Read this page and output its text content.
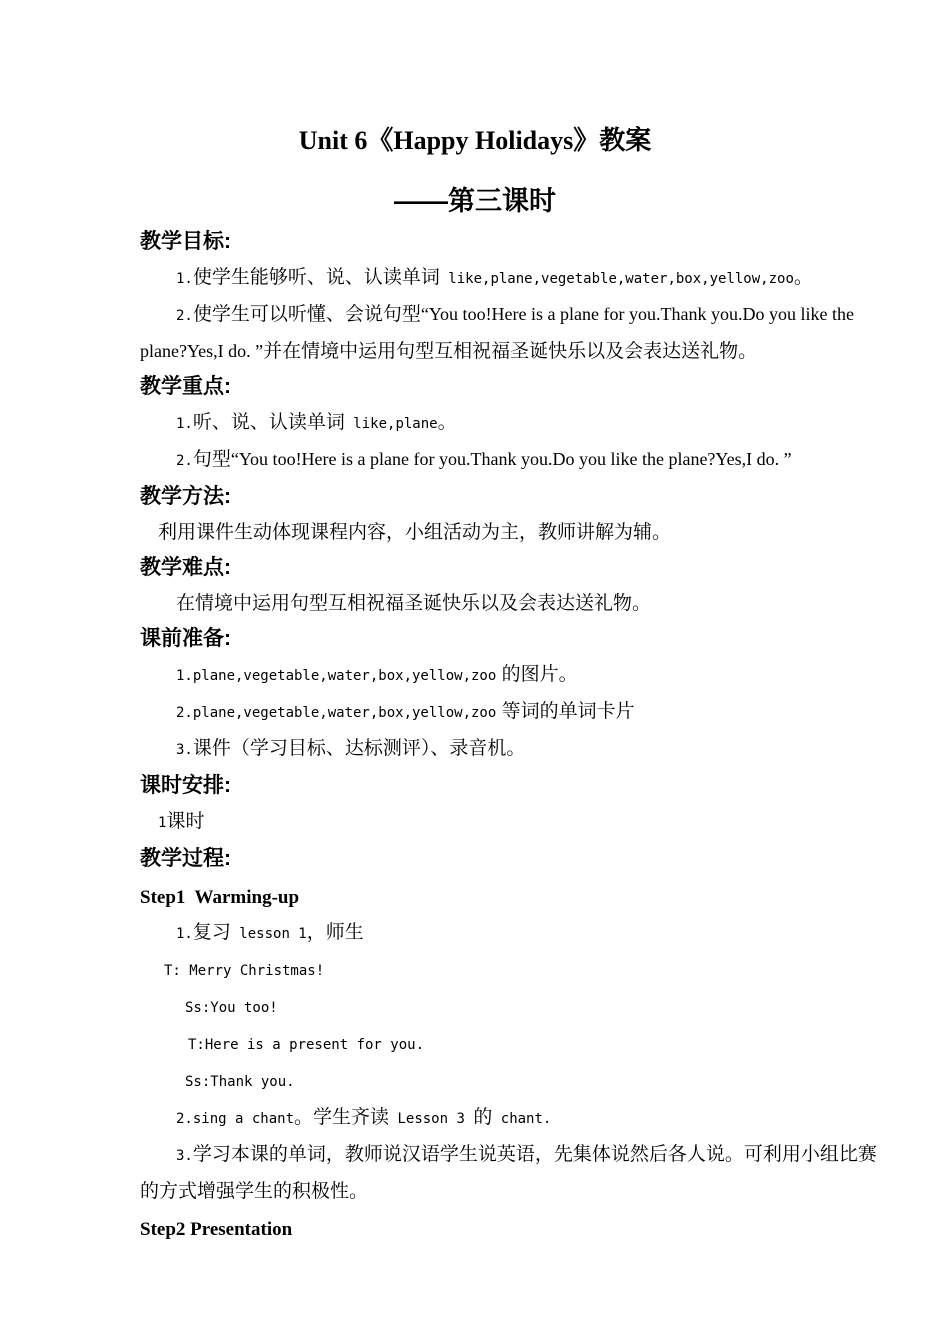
Unit 6《Happy Holidays》教案

——第三课时

教学目标:

1.使学生能够听、说、认读单词 like,plane,vegetable,water,box,yellow,zoo。

2.使学生可以听懂、会说句型“You too!Here is a plane for you.Thank you.Do you like the

plane?Yes,I do. ”并在情境中运用句型互相祝福圣诞快乐以及会表达送礼物。

教学重点:

1.听、说、认读单词 like,plane。

2.句型“You too!Here is a plane for you.Thank you.Do you like the plane?Yes,I do. ”

教学方法:

利用课件生动体现课程内容，小组活动为主，教师讲解为辅。

教学难点:

在情境中运用句型互相祝福圣诞快乐以及会表达送礼物。

课前准备:

1.plane,vegetable,water,box,yellow,zoo 的图片。

2.plane,vegetable,water,box,yellow,zoo 等词的单词卡片

3.课件（学习目标、达标测评）、录音机。

课时安排:

1课时

教学过程:

Step1  Warming-up

1.复习 lesson 1，师生

T: Merry Christmas!

Ss:You too!

T:Here is a present for you.

Ss:Thank you.

2.sing a chant。学生齐读 Lesson 3 的 chant.

3.学习本课的单词，教师说汉语学生说英语，先集体说然后各人说。可利用小组比赛

的方式增强学生的积极性。

Step2 Presentation
